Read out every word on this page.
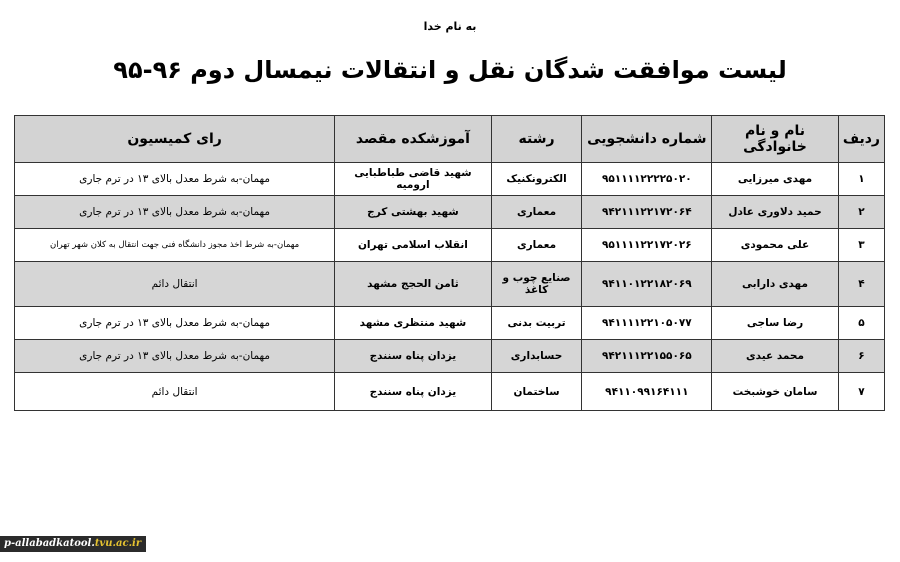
به نام خدا
لیست موافقت شدگان نقل و انتقالات نیمسال دوم ۹۶-۹۵
ردیف	نام و نام خانوادگی	شماره دانشجویی	رشته	آموزشکده مقصد	رای کمیسیون
۱	مهدی میرزایی	۹۵۱۱۱۱۲۲۲۲۵۰۲۰	الکترونکنیک	شهید قاضی طباطبایی ارومیه	مهمان-به شرط معدل بالای ۱۳ در ترم جاری
۲	حمید دلاوری عادل	۹۴۲۱۱۱۲۲۱۷۲۰۶۴	معماری	شهید بهشتی کرج	مهمان-به شرط معدل بالای ۱۳ در ترم جاری
۳	علی محمودی	۹۵۱۱۱۱۲۲۱۷۲۰۲۶	معماری	انقلاب اسلامی تهران	مهمان-به شرط اخذ مجوز دانشگاه فنی جهت انتقال به کلان شهر تهران
۴	مهدی دارابی	۹۴۱۱۰۱۲۲۱۸۲۰۶۹	صنایع چوب و کاغذ	ثامن الحجج مشهد	انتقال دائم
۵	رضا ساجی	۹۴۱۱۱۱۲۲۱۰۵۰۷۷	تربیت بدنی	شهید منتظری مشهد	مهمان-به شرط معدل بالای ۱۳ در ترم جاری
۶	محمد عیدی	۹۴۲۱۱۱۲۲۱۵۵۰۶۵	حسابداری	یزدان پناه سنندج	مهمان-به شرط معدل بالای ۱۳ در ترم جاری
۷	سامان خوشبخت	۹۴۱۱۰۹۹۱۶۴۱۱۱	ساختمان	یزدان پناه سنندج	انتقال دائم
p-allabadkatool.tvu.ac.ir
